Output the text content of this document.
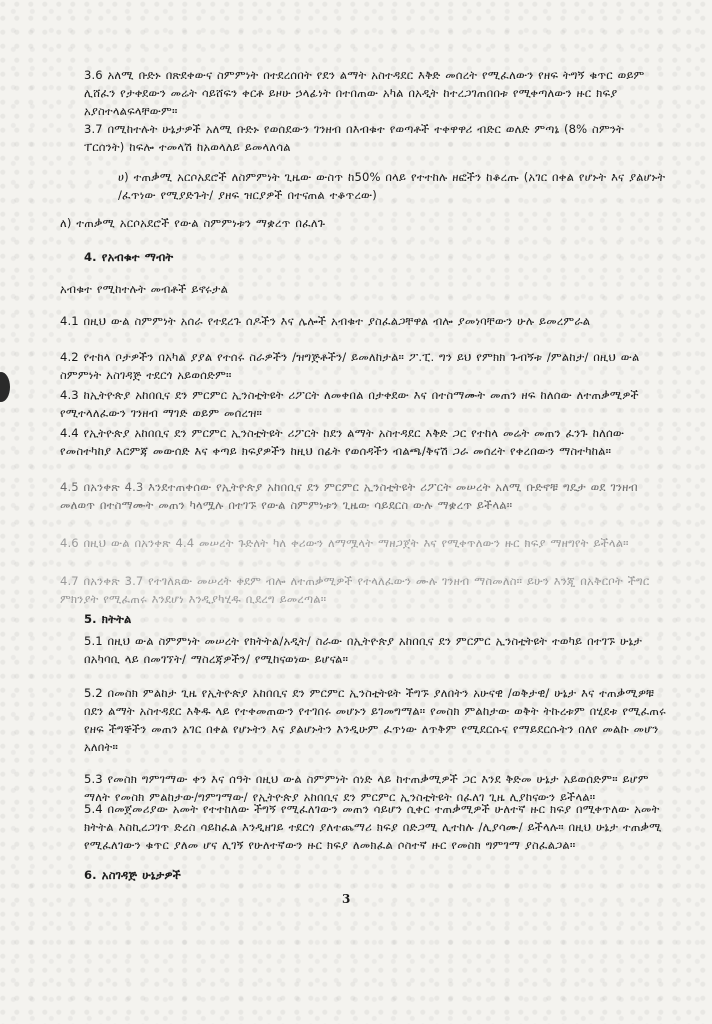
3.6 አለሚ ቡድኑ በጽደቀውና ስምምነት በተደረሰበት የደን ልማት አስተዳደር እቅድ መሰረት የሚፈለውን የዘፍ ትግኝ ቁጥር ወይም ሊሸፈን የታቀደውን መሬት ሳይሸፍን ቀርቶ ይዞሁ ኃላፊነት በተበጠው አካል በአዲት ከተረጋገጠበበቱ የሚቀጣለውን ዙር ክፍያ አያስተላልፍላቸውም።

3.7 በሚከተሉት ሁኔታዎች አለሚ ቡድኑ የወሰደውን ገንዘብ በእብቁተ የወጣቶች ተቀዋዋሪ ብድር ወለድ ምጣኔ (8% ስምንት ፐርሰንት) ከፍሎ ተመላሽ ከአወላለይ ይመላለሳል

ሀ) ተጠቃሚ አርሶአደሮች ለስምምነት ጊዜው ውስጥ ከ50% በላይ የተተከሉ ዘፎችን ከቆረጡ (አገር በቀል የሆኑት እና ያልሆኑት /ፈጥነው የሚያድጉት/ ያዘፍ ዝርያዎች በተናጠል ተቆጥረው)

ለ) ተጠቃሚ አርሶአደሮች የውል ስምምነቱን ማቋረጥ በፈለጉ

4. የአብቁተ ማብት

አብቁተ የሚከተሉት መብቶች ይኖሩታል

4.1 በዚህ ውል ስምምነት አሰራ የተደረጉ ሰዶችን እና ሌሎች አብቁተ ያስፈልጋቸዋል ብሎ ያመነባቸውን ሁሉ ይመረምራል

4.2 የተከላ ቦታዎችን በአካል ያያል የተሰሩ ስራዎችን /ዝግጅቶችን/ ይመለከታል። ፖ.ፒ. ግን ይህ የምክክ ጉብኝቱ /ምልከታ/ በዚህ ውል ስምምነት አስገዳጅ ተደርጎ አይወሰድም።

4.3 ከኢትዮጵያ አከበቢና ደን ምርምር ኢንስቲትዩት ሪፖርት ለመቀበል በታቀደው እና በተስማሙት መጠን ዘፍ ከለሰው ለተጠቃሚዎች የሚተላለፈውን ገንዘብ ማገድ ወይም መሰረዝ።

4.4 የኢትዮጵያ አከበቢና ደን ምርምር ኢንስቲትዩት ሪፖርት ከደን ልማት አስተዳደር እቅድ ጋር የተከላ መሬት መጠን ፈንጉ ከለሰው የመስተካከያ እርምጃ መውሰድ እና ቀጣይ ክፍያዎችን ከዚህ በፊት የወሰዳችን ብልጫ/ቅናሽ ጋራ መሰረት የቀረበውን ማስተካከል።

4.5 በአንቀጽ 4.3 እንደተጠቀሰው የኢትዮጵያ አከበቢና ደን ምርምር ኢንስቲትዩት ሪፖርት መሠረት አለሚ ቡድኖቹ ግዴታ ወደ ገንዘብ መለወጥ በተስማሙት መጠን ካላሟሉ በተገኙ የውል ስምምነቱን ጊዜው ሳይደርስ ውሉ ማቋረጥ ይችላል።

4.6 በዚህ ውል በአንቀጽ 4.4 መሠረት ጉድለት ካለ ቀሪውን ለማሟላት ማዘጋጀት እና የሚቀጥለውን ዙር ክፍያ ማዘግየት ይችላል።

4.7 በአንቀጽ 3.7 የተገለጸው መሠረት ቀደም ብሎ ለተጠቃሚዎች የተላለፈውን ሙሉ ገንዘብ ማስመለስ። ይሁን እንጂ በአቅርቦት ችግር ምክንያት የሚፈጠሩ እንደሆነ እንዲያካሂዱ ቢደረግ ይመረጣል።

5. ክትትል

5.1 በዚህ ውል ስምምነት መሠረት የክትትል/አዲት/ ስራው በኢትዮጵያ አከበቢና ደን ምርምር ኢንስቲትዩት ተወካይ በተገኙ ሁኔታ በአካባቢ ላይ በመገኘት/ ማስረጃዎችን/ የሚከናወነው ይሆናል።

5.2 በመስክ ምልከታ ጊዜ የኢትዮጵያ አከበቢና ደን ምርምር ኢንስቲትዩት ችግኙ ያለበትን አሁናዊ /ወቅታዊ/ ሁኔታ እና ተጠቃሚዎቹ በደን ልማት አስተዳደር እቅዱ ላይ የተቀመጠውን የተገበሩ መሆኑን ይገመግማል። የመስክ ምልከታው ወቅት ትኩረቱም በሂደቱ የሚፈጠሩ የዘፍ ችግኞችን መጠን አገር በቀል የሆኑትን እና ያልሆኑትን እንዲሁም ፈጥነው ለጥቅም የሚደርሱና የማይደርሱትን በለየ መልኩ መሆን አለበት።

5.3 የመስክ ግምገማው ቀን እና ሰዓት በዚህ ውል ስምምነት ሰነድ ላይ ከተጠቃሚዎች ጋር እንደ ቅድመ ሁኔታ አይወሰድም። ይሆም ማለት የመስክ ምልከታው/ግምገማው/ የኢትዮጵያ አከበቢና ደን ምርምር ኢንስቲትዩት በፈለገ ጊዜ ሊያከናውን ይችላል።

5.4 በመጀመሪያው አመት የተተከለው ችግኝ የሚፈለገውን መጠን ሳይሆን ሲቀር ተጠቃሚዎች ሁለተኛ ዙር ክፍያ በሚቀጥለው አመት ክትትል እስኪረጋገጥ ድረስ ሳይከፈል እንዲዘገይ ተደርጎ ያለተጨማሪ ክፍያ በድጋሚ ሊተከሉ /ሊያሳሙ/ ይችላሉ። በዚህ ሁኔታ ተጠቃሚ የሚፈለገውን ቁጥር ያለመ ሆና ሊገኝ የሁለተኛውን ዙር ክፍያ ለመክፈል ሶስተኛ ዙር የመስክ ግምገማ ያስፈልጋል።

6. አስገዳጅ ሁኔታዎች

3
